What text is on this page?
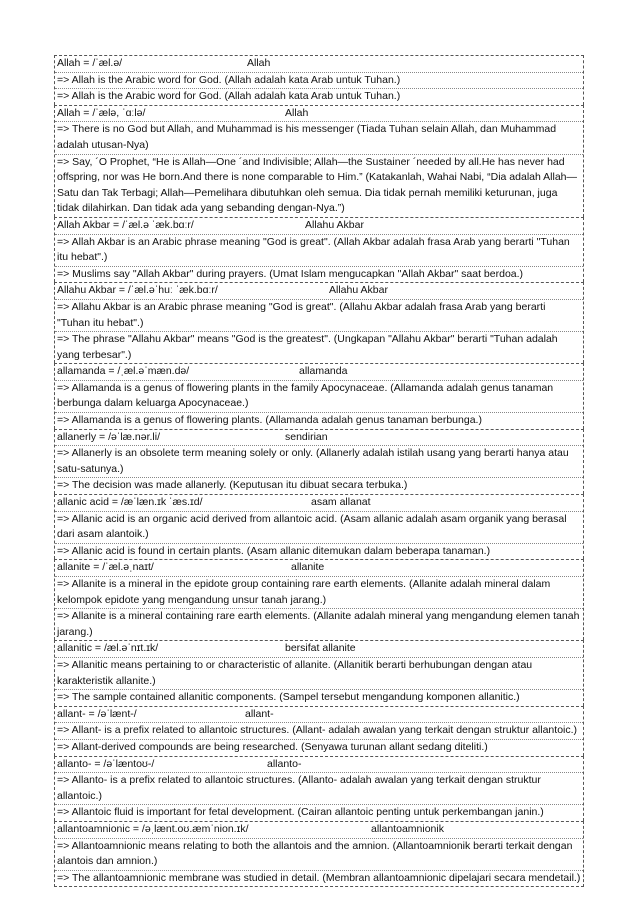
Allah = /ˈæl.ə/	Allah
=> Allah is the Arabic word for God. (Allah adalah kata Arab untuk Tuhan.)
=> Allah is the Arabic word for God. (Allah adalah kata Arab untuk Tuhan.)
Allah = /ˈælə, ˈɑːlə/	Allah
=> There is no God but Allah, and Muhammad is his messenger (Tiada Tuhan selain Allah, dan Muhammad adalah utusan-Nya)
=> Say, ´O Prophet, “He is Allah—One ´and Indivisible; Allah—the Sustainer ´needed by all.He has never had offspring, nor was He born.And there is none comparable to Him.” (Katakanlah, Wahai Nabi, “Dia adalah Allah—Satu dan Tak Terbagi; Allah—Pemelihara dibutuhkan oleh semua. Dia tidak pernah memiliki keturunan, juga tidak dilahirkan. Dan tidak ada yang sebanding dengan-Nya.”)
Allah Akbar = /ˈæl.ə ˈæk.bɑːr/	Allahu Akbar
=> Allah Akbar is an Arabic phrase meaning "God is great". (Allah Akbar adalah frasa Arab yang berarti "Tuhan itu hebat".)
=> Muslims say "Allah Akbar" during prayers. (Umat Islam mengucapkan "Allah Akbar" saat berdoa.)
Allahu Akbar = /ˈæl.əˈhuː ˈæk.bɑːr/	Allahu Akbar
=> Allahu Akbar is an Arabic phrase meaning "God is great". (Allahu Akbar adalah frasa Arab yang berarti "Tuhan itu hebat".)
=> The phrase "Allahu Akbar" means "God is the greatest". (Ungkapan "Allahu Akbar" berarti "Tuhan adalah yang terbesar".)
allamanda = /ˌæl.əˈmæn.də/	allamanda
=> Allamanda is a genus of flowering plants in the family Apocynaceae. (Allamanda adalah genus tanaman berbunga dalam keluarga Apocynaceae.)
=> Allamanda is a genus of flowering plants. (Allamanda adalah genus tanaman berbunga.)
allanerly = /əˈlæ.nər.li/	sendirian
=> Allanerly is an obsolete term meaning solely or only. (Allanerly adalah istilah usang yang berarti hanya atau satu-satunya.)
=> The decision was made allanerly. (Keputusan itu dibuat secara terbuka.)
allanic acid = /æˈlæn.ɪk ˈæs.ɪd/	asam allanat
=> Allanic acid is an organic acid derived from allantoic acid. (Asam allanic adalah asam organik yang berasal dari asam alantoik.)
=> Allanic acid is found in certain plants. (Asam allanic ditemukan dalam beberapa tanaman.)
allanite = /ˈæl.əˌnaɪt/	allanite
=> Allanite is a mineral in the epidote group containing rare earth elements. (Allanite adalah mineral dalam kelompok epidote yang mengandung unsur tanah jarang.)
=> Allanite is a mineral containing rare earth elements. (Allanite adalah mineral yang mengandung elemen tanah jarang.)
allanitic = /æl.əˈnɪt.ɪk/	bersifat allanite
=> Allanitic means pertaining to or characteristic of allanite. (Allanitik berarti berhubungan dengan atau karakteristik allanite.)
=> The sample contained allanitic components. (Sampel tersebut mengandung komponen allanitic.)
allant- = /əˈlænt-/	allant-
=> Allant- is a prefix related to allantoic structures. (Allant- adalah awalan yang terkait dengan struktur allantoic.)
=> Allant-derived compounds are being researched. (Senyawa turunan allant sedang diteliti.)
allanto- = /əˈlæntoʊ-/	allanto-
=> Allanto- is a prefix related to allantoic structures. (Allanto- adalah awalan yang terkait dengan struktur allantoic.)
=> Allantoic fluid is important for fetal development. (Cairan allantoic penting untuk perkembangan janin.)
allantoamnionic = /əˌlænt.oʊ.æmˈnion.ɪk/	allantoamnionik
=> Allantoamnionic means relating to both the allantois and the amnion. (Allantoamnionik berarti terkait dengan alantois dan amnion.)
=> The allantoamnionic membrane was studied in detail. (Membran allantoamnionic dipelajari secara mendetail.)
